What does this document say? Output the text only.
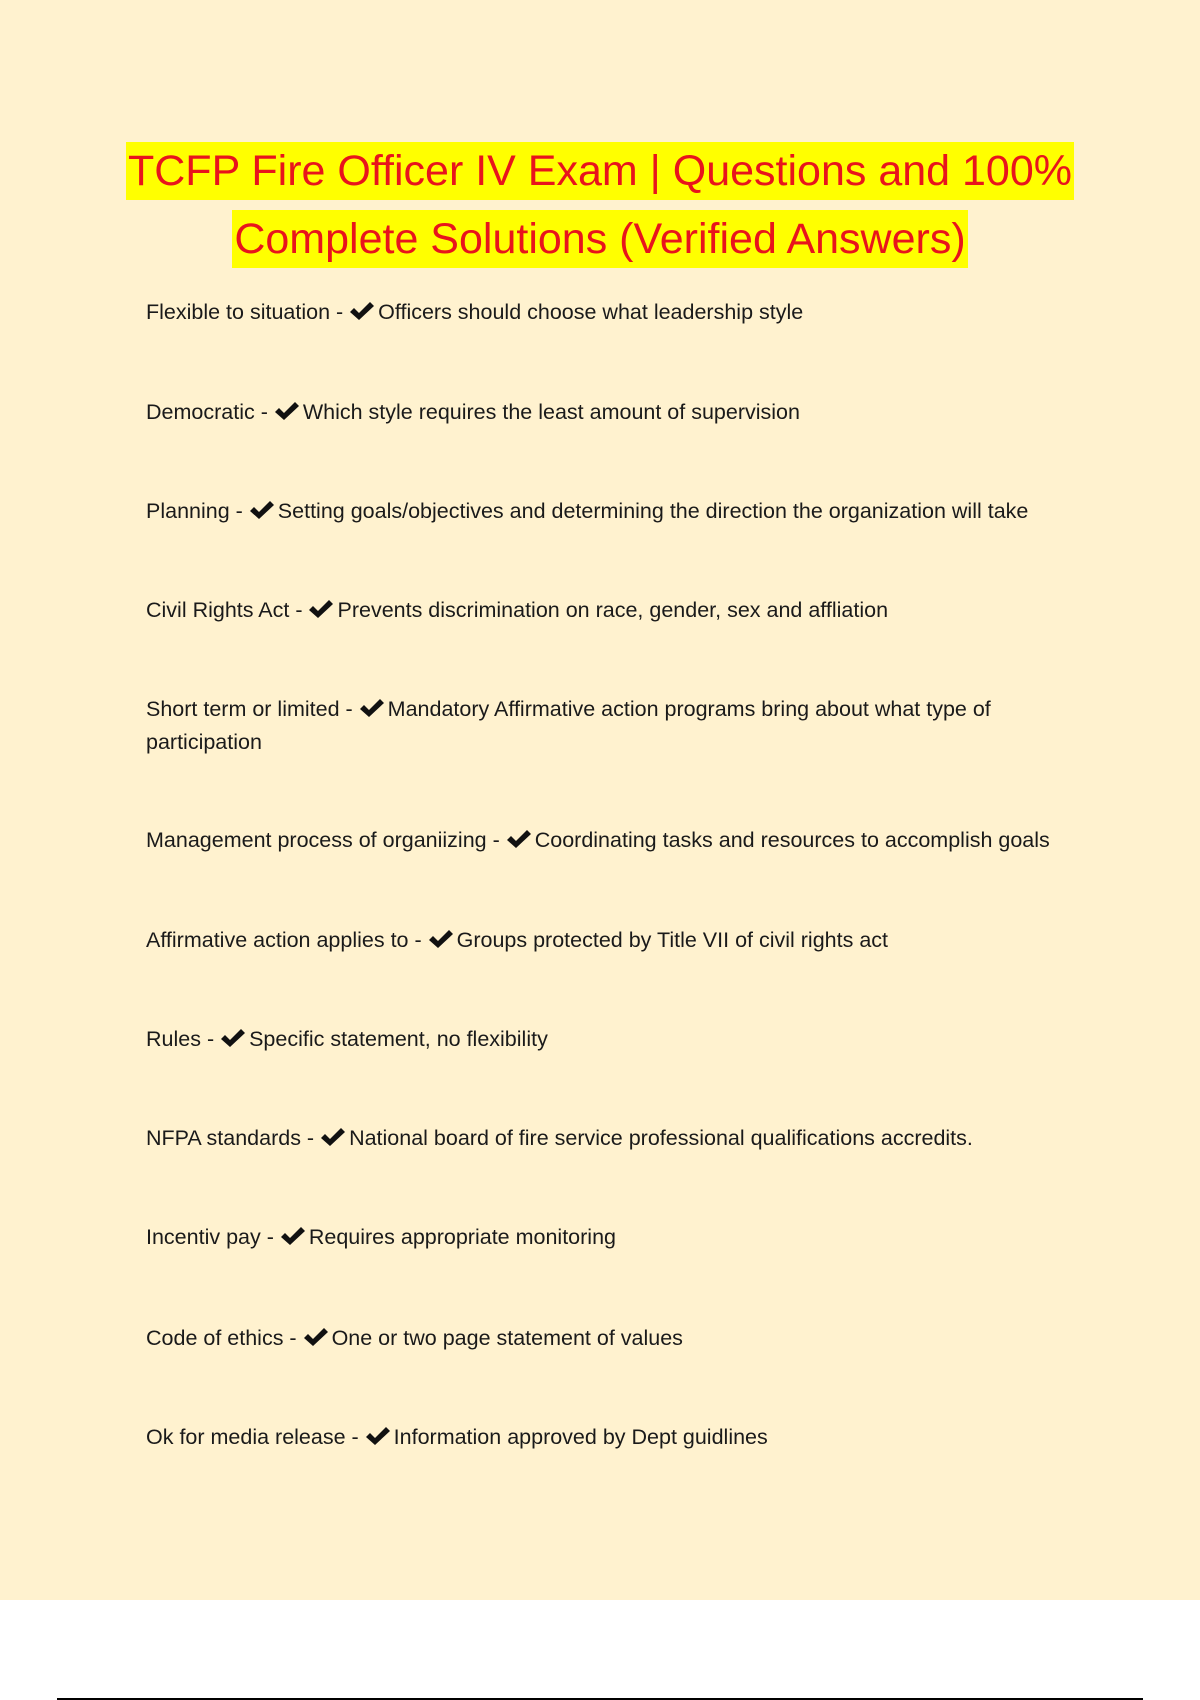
TCFP Fire Officer IV Exam | Questions and 100%
Complete Solutions (Verified Answers)
Flexible to situation - Officers should choose what leadership style
Democratic - Which style requires the least amount of supervision
Planning - Setting goals/objectives and determining the direction the organization will take
Civil Rights Act - Prevents discrimination on race, gender, sex and affliation
Short term or limited - Mandatory Affirmative action programs bring about what type of participation
Management process of organiizing - Coordinating tasks and resources to accomplish goals
Affirmative action applies to - Groups protected by Title VII of civil rights act
Rules - Specific statement, no flexibility
NFPA standards - National board of fire service professional qualifications accredits.
Incentiv pay - Requires appropriate monitoring
Code of ethics - One or two page statement of values
Ok for media release - Information approved by Dept guidlines
